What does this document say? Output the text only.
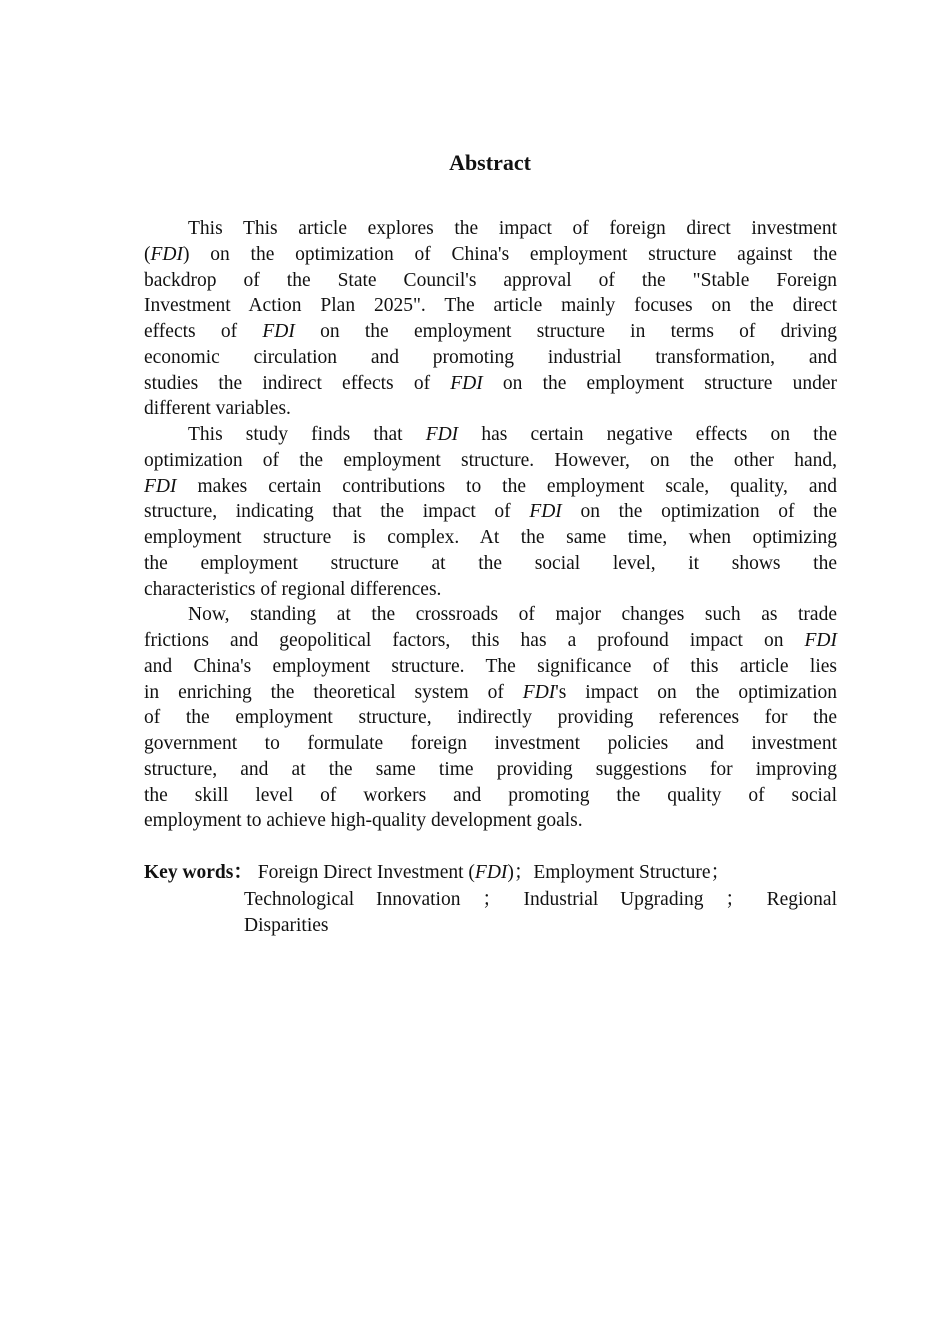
Abstract
This This article explores the impact of foreign direct investment
(FDI) on the optimization of China's employment structure against the
backdrop of the State Council's approval of the "Stable Foreign
Investment Action Plan 2025". The article mainly focuses on the direct
effects of FDI on the employment structure in terms of driving
economic circulation and promoting industrial transformation, and
studies the indirect effects of FDI on the employment structure under
different variables.
This study finds that FDI has certain negative effects on the
optimization of the employment structure. However, on the other hand,
FDI makes certain contributions to the employment scale, quality, and
structure, indicating that the impact of FDI on the optimization of the
employment structure is complex. At the same time, when optimizing
the employment structure at the social level, it shows the
characteristics of regional differences.
Now, standing at the crossroads of major changes such as trade
frictions and geopolitical factors, this has a profound impact on FDI
and China's employment structure. The significance of this article lies
in enriching the theoretical system of FDI's impact on the optimization
of the employment structure, indirectly providing references for the
government to formulate foreign investment policies and investment
structure, and at the same time providing suggestions for improving
the skill level of workers and promoting the quality of social
employment to achieve high-quality development goals.
Key words： Foreign Direct Investment (FDI)；Employment Structure；
Technological Innovation ； Industrial Upgrading ； Regional
Disparities
